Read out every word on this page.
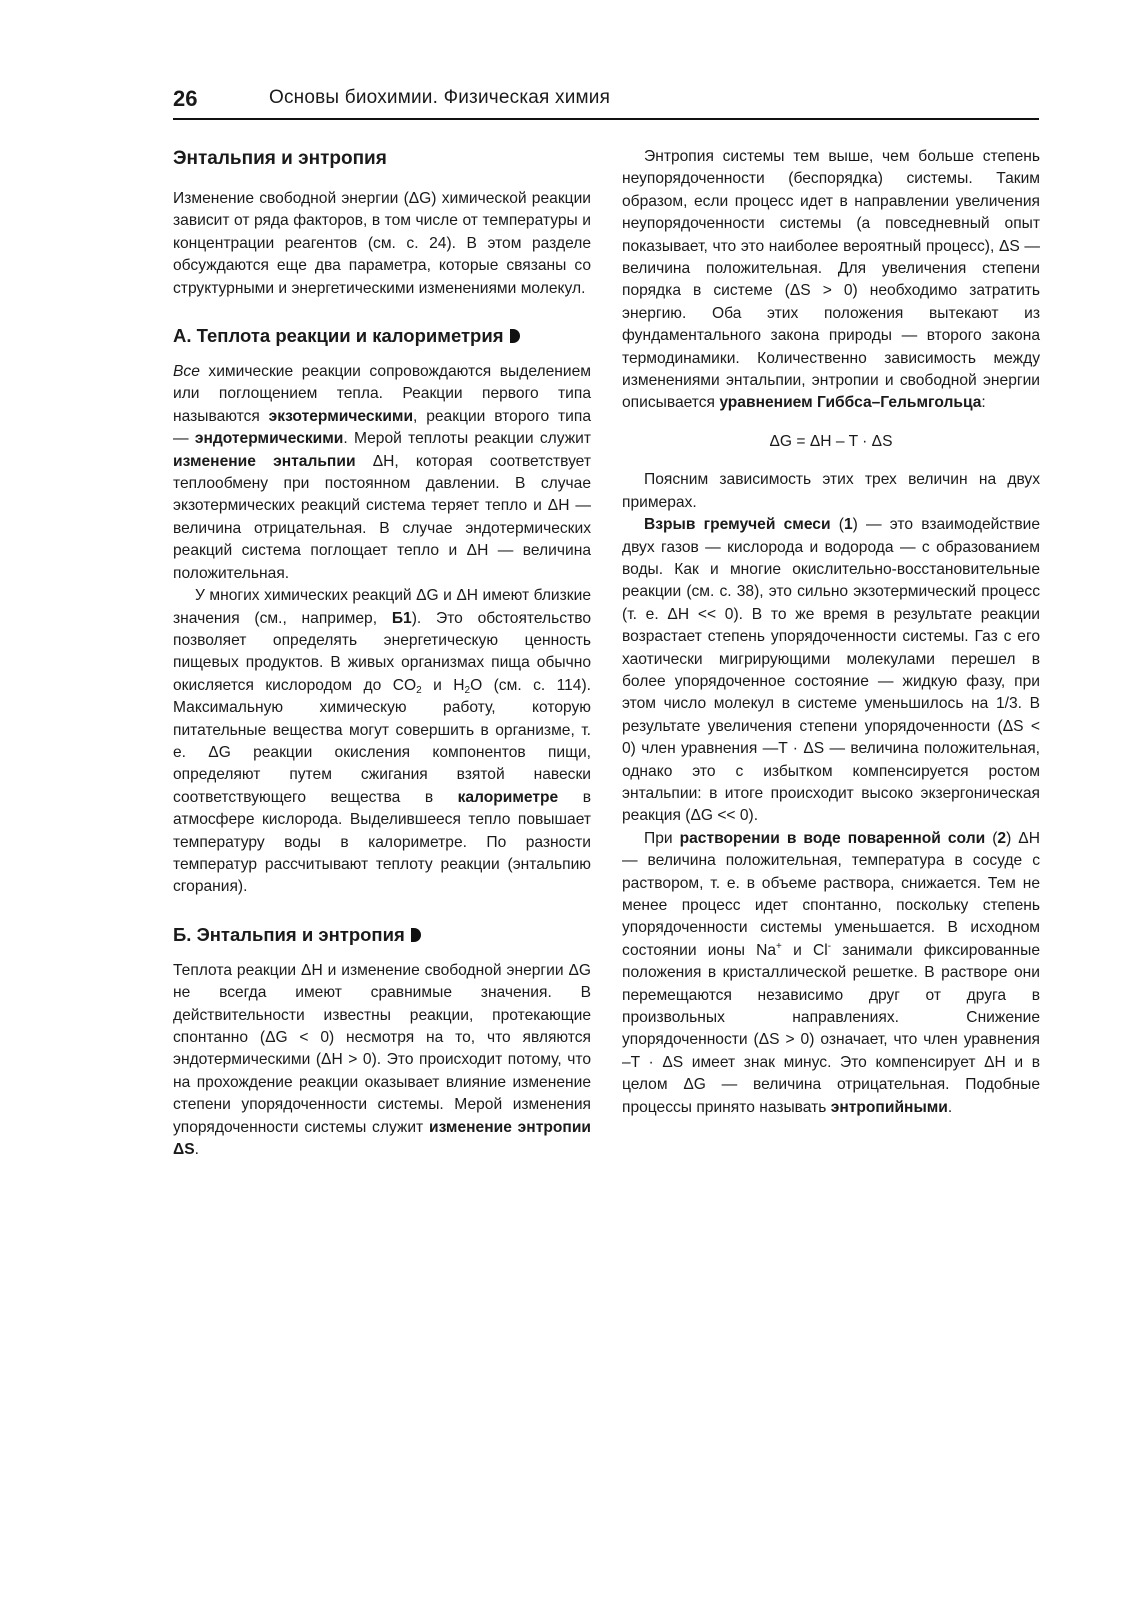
26	Основы биохимии. Физическая химия
Энтальпия и энтропия

Изменение свободной энергии (ΔG) химической реакции зависит от ряда факторов, в том числе от температуры и концентрации реагентов (см. с. 24). В этом разделе обсуждаются еще два параметра, которые связаны со структурными и энергетическими изменениями молекул.

А. Теплота реакции и калориметрия

Все химические реакции сопровождаются выделением или поглощением тепла. Реакции первого типа называются экзотермическими, реакции второго типа — эндотермическими. Мерой теплоты реакции служит изменение энтальпии ΔH, которая соответствует теплообмену при постоянном давлении. В случае экзотермических реакций система теряет тепло и ΔH — величина отрицательная. В случае эндотермических реакций система поглощает тепло и ΔH — величина положительная.

У многих химических реакций ΔG и ΔH имеют близкие значения (см., например, Б1). Это обстоятельство позволяет определять энергетическую ценность пищевых продуктов. В живых организмах пища обычно окисляется кислородом до $CO_2$ и $H_2O$ (см. с. 114). Максимальную химическую работу, которую питательные вещества могут совершить в организме, т. е. ΔG реакции окисления компонентов пищи, определяют путем сжигания взятой навески соответствующего вещества в калориметре в атмосфере кислорода. Выделившееся тепло повышает температуру воды в калориметре. По разности температур рассчитывают теплоту реакции (энтальпию сгорания).

Б. Энтальпия и энтропия

Теплота реакции ΔH и изменение свободной энергии ΔG не всегда имеют сравнимые значения. В действительности известны реакции, протекающие спонтанно (ΔG < 0) несмотря на то, что являются эндотермическими (ΔH > 0). Это происходит потому, что на прохождение реакции оказывает влияние изменение степени упорядоченности системы. Мерой изменения упорядоченности системы служит изменение энтропии ΔS.

Энтропия системы тем выше, чем больше степень неупорядоченности (беспорядка) системы. Таким образом, если процесс идет в направлении увеличения неупорядоченности системы (а повседневный опыт показывает, что это наиболее вероятный процесс), ΔS — величина положительная. Для увеличения степени порядка в системе (ΔS > 0) необходимо затратить энергию. Оба этих положения вытекают из фундаментального закона природы — второго закона термодинамики. Количественно зависимость между изменениями энтальпии, энтропии и свободной энергии описывается уравнением Гиббса–Гельмгольца:

ΔG = ΔH – T · ΔS

Поясним зависимость этих трех величин на двух примерах.

Взрыв гремучей смеси (1) — это взаимодействие двух газов — кислорода и водорода — с образованием воды. Как и многие окислительно-восстановительные реакции (см. с. 38), это сильно экзотермический процесс (т. е. ΔH << 0). В то же время в результате реакции возрастает степень упорядоченности системы. Газ с его хаотически мигрирующими молекулами перешел в более упорядоченное состояние — жидкую фазу, при этом число молекул в системе уменьшилось на 1/3. В результате увеличения степени упорядоченности (ΔS < 0) член уравнения —T · ΔS — величина положительная, однако это с избытком компенсируется ростом энтальпии: в итоге происходит высоко экзергоническая реакция (ΔG << 0).

При растворении в воде поваренной соли (2) ΔH — величина положительная, температура в сосуде с раствором, т. е. в объеме раствора, снижается. Тем не менее процесс идет спонтанно, поскольку степень упорядоченности системы уменьшается. В исходном состоянии ионы Na+ и Cl- занимали фиксированные положения в кристаллической решетке. В растворе они перемещаются независимо друг от друга в произвольных направлениях. Снижение упорядоченности (ΔS > 0) означает, что член уравнения –T · ΔS имеет знак минус. Это компенсирует ΔH и в целом ΔG — величина отрицательная. Подобные процессы принято называть энтропийными.
